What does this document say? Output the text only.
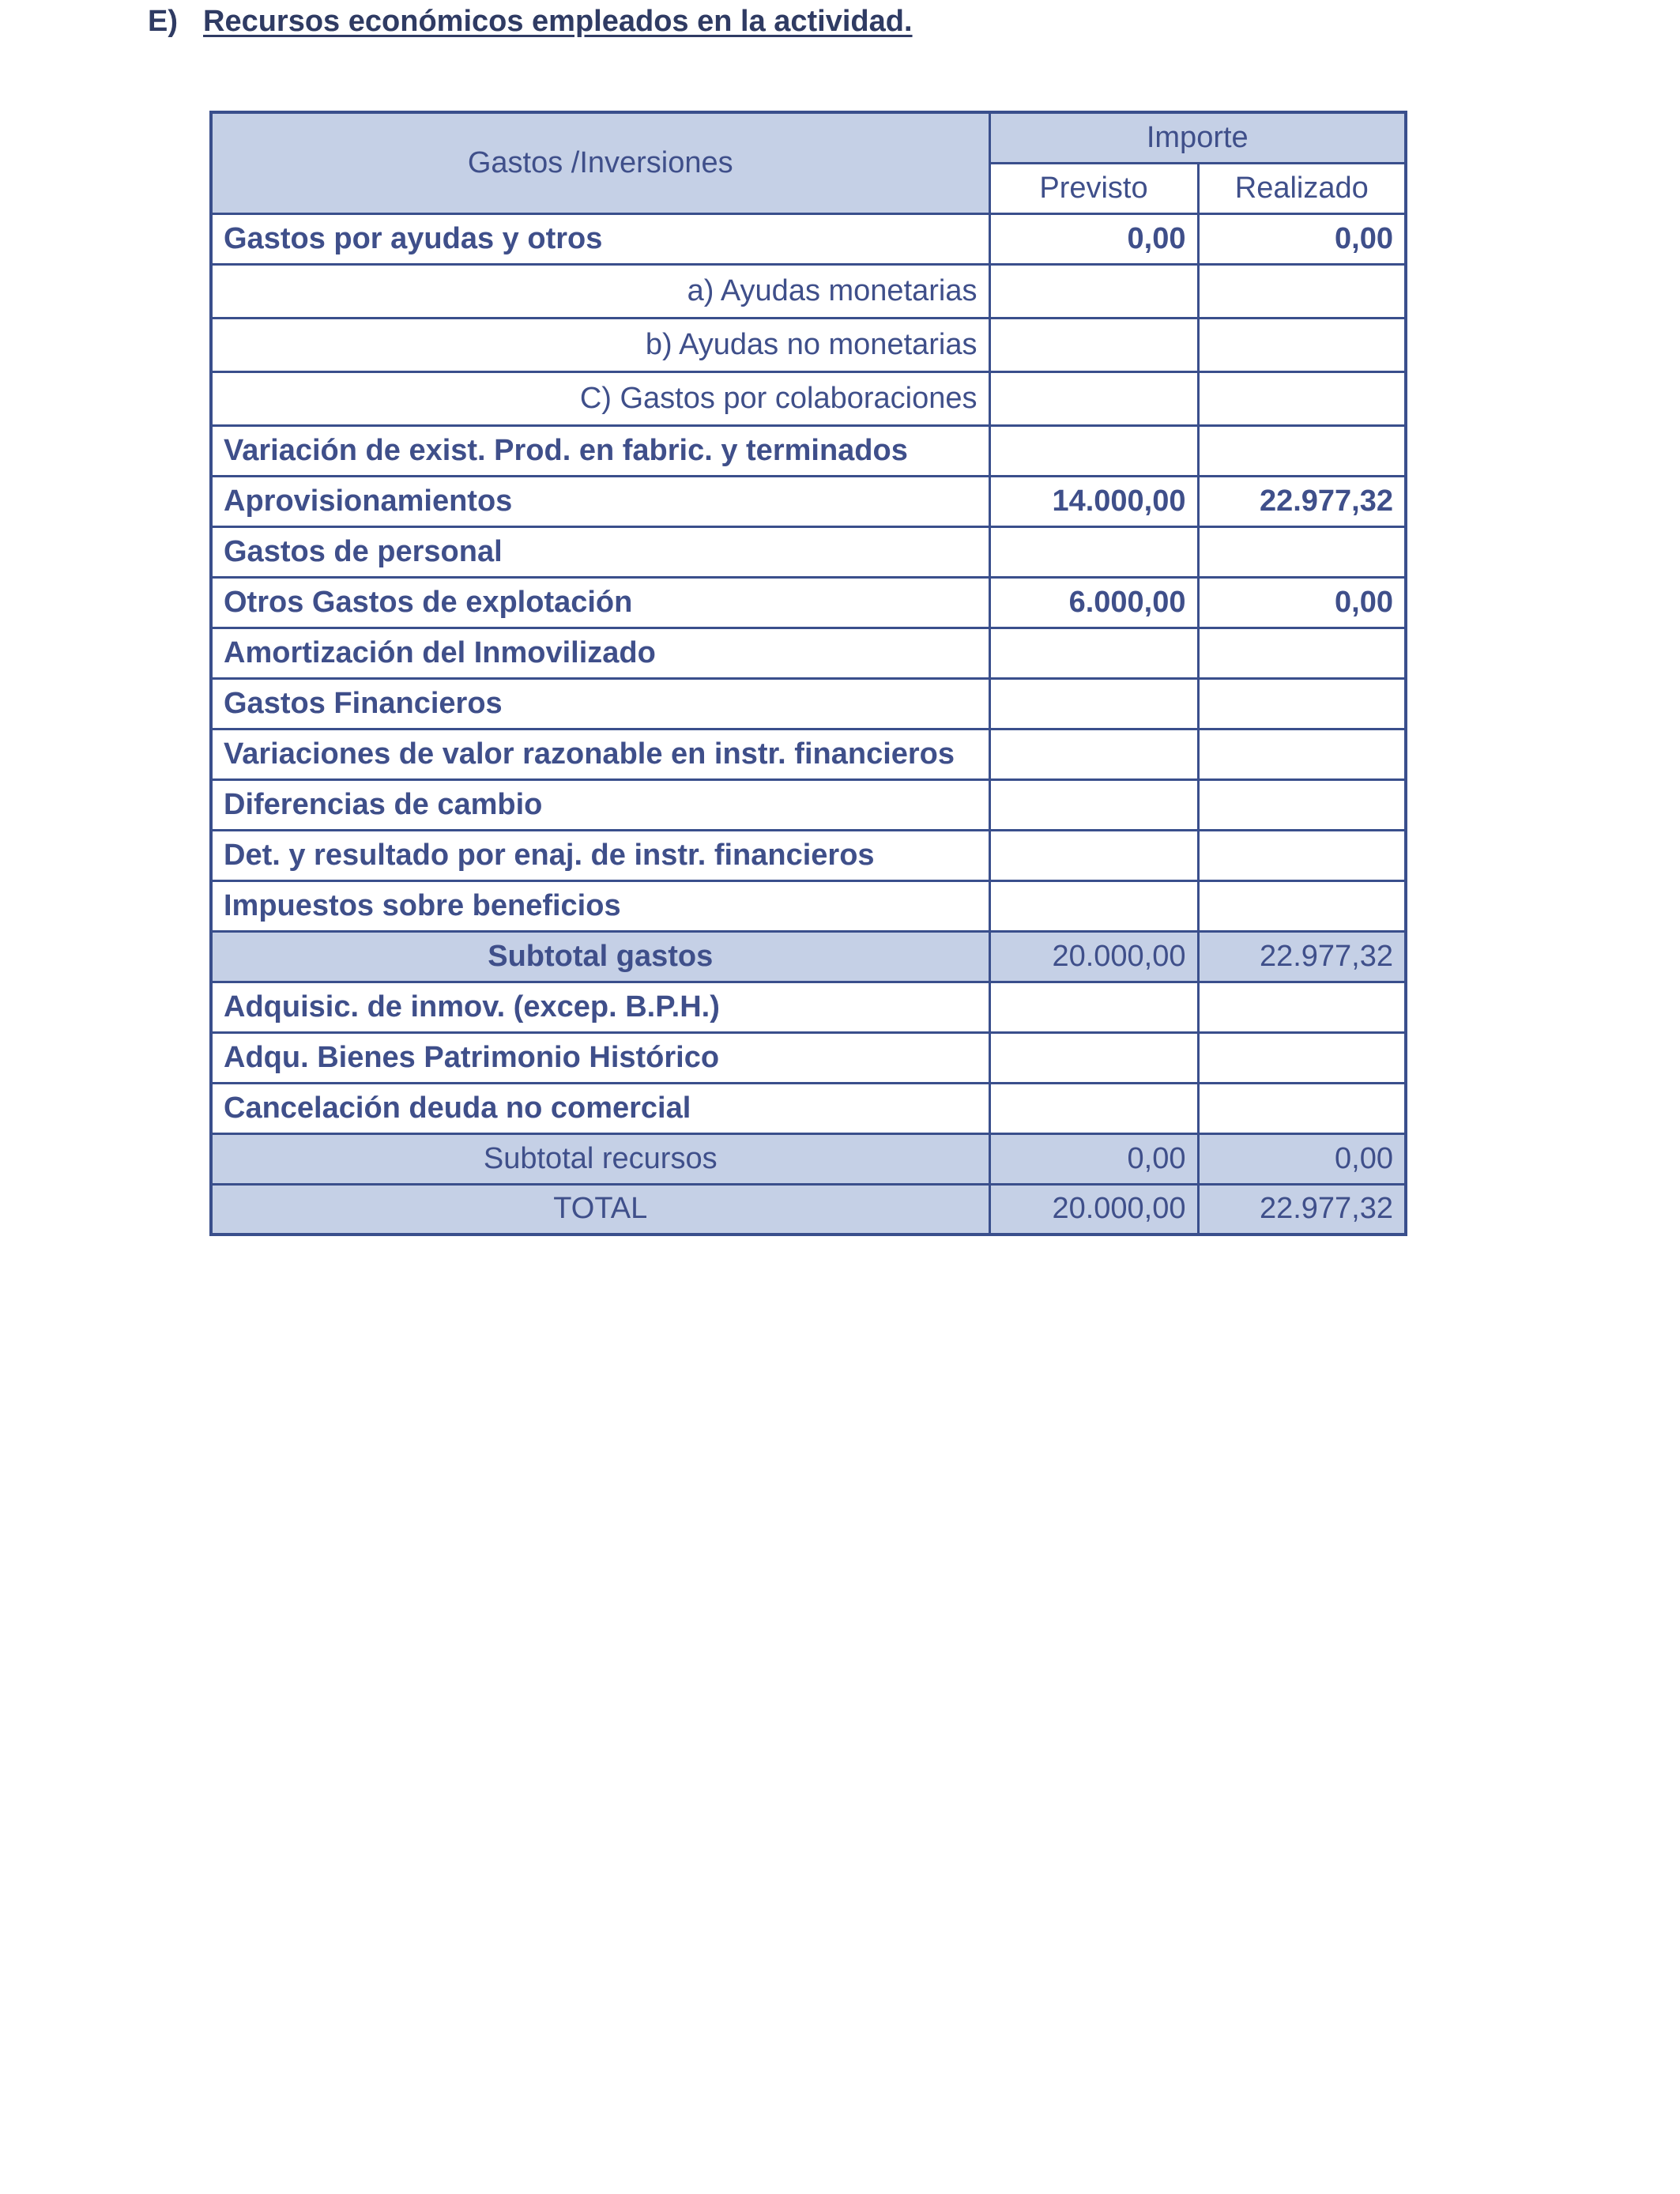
E) Recursos económicos empleados en la actividad.
Gastos /Inversiones	Importe	
	Previsto	Realizado
Gastos por ayudas y otros	0,00	0,00
a) Ayudas monetarias		
b) Ayudas no monetarias		
C) Gastos por colaboraciones		
Variación de exist. Prod. en fabric. y terminados		
Aprovisionamientos	14.000,00	22.977,32
Gastos de personal		
Otros Gastos de explotación	6.000,00	0,00
Amortización del Inmovilizado		
Gastos Financieros		
Variaciones de valor razonable en instr. financieros		
Diferencias de cambio		
Det. y resultado por enaj. de instr. financieros		
Impuestos sobre beneficios		
Subtotal gastos	20.000,00	22.977,32
Adquisic. de inmov. (excep. B.P.H.)		
Adqu. Bienes Patrimonio Histórico		
Cancelación deuda no comercial		
Subtotal recursos	0,00	0,00
TOTAL	20.000,00	22.977,32
